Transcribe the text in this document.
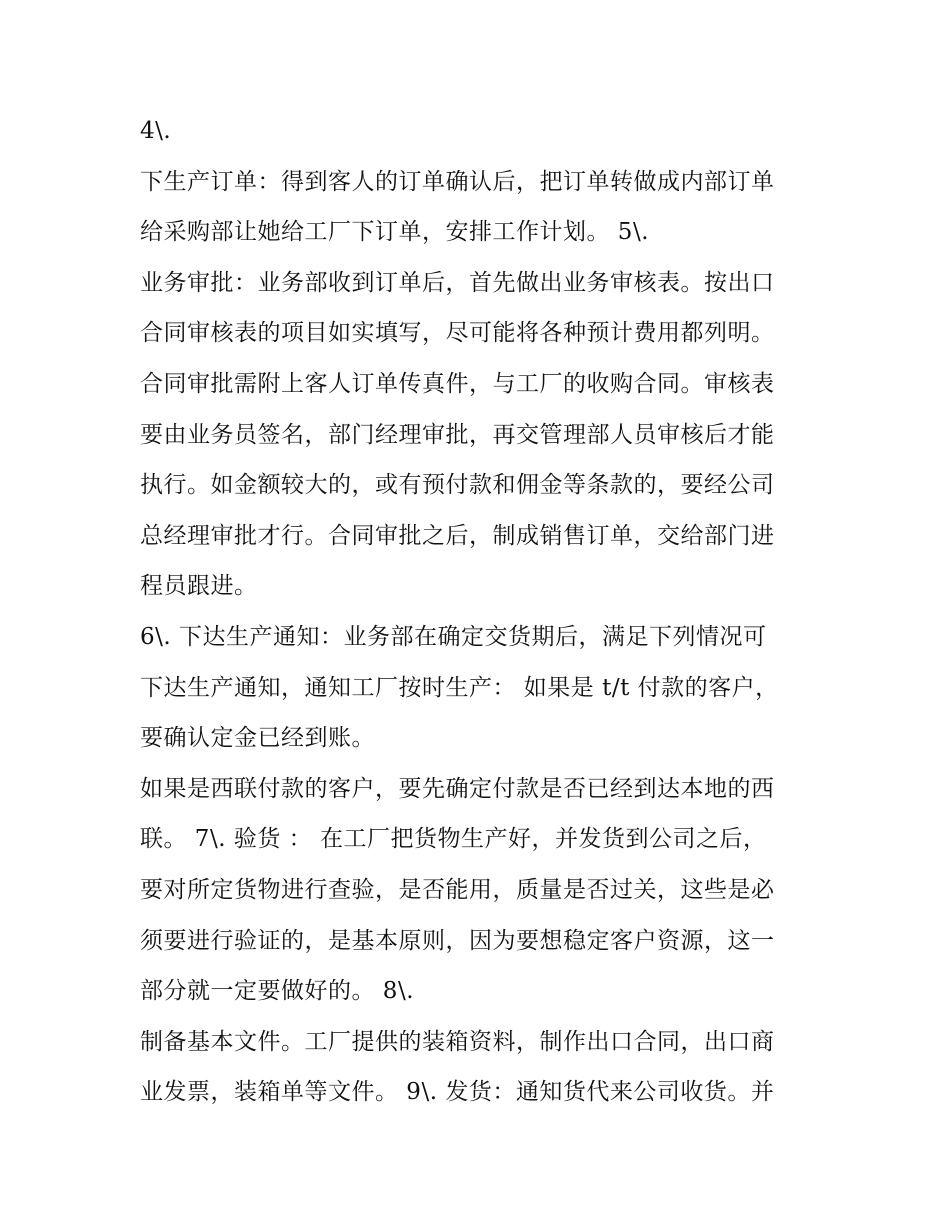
4\.
下生产订单：得到客人的订单确认后，把订单转做成内部订单
给采购部让她给工厂下订单，安排工作计划。 5\.
业务审批：业务部收到订单后，首先做出业务审核表。按出口
合同审核表的项目如实填写，尽可能将各种预计费用都列明。
合同审批需附上客人订单传真件，与工厂的收购合同。审核表
要由业务员签名，部门经理审批，再交管理部人员审核后才能
执行。如金额较大的，或有预付款和佣金等条款的，要经公司
总经理审批才行。合同审批之后，制成销售订单，交给部门进
程员跟进。
6\. 下达生产通知：业务部在确定交货期后，满足下列情况可
下达生产通知，通知工厂按时生产： 如果是 t/t 付款的客户，
要确认定金已经到账。
如果是西联付款的客户，要先确定付款是否已经到达本地的西
联。 7\. 验货 ： 在工厂把货物生产好，并发货到公司之后，
要对所定货物进行查验，是否能用，质量是否过关，这些是必
须要进行验证的，是基本原则，因为要想稳定客户资源，这一
部分就一定要做好的。 8\.
制备基本文件。工厂提供的装箱资料，制作出口合同，出口商
业发票，装箱单等文件。 9\. 发货：通知货代来公司收货。并
